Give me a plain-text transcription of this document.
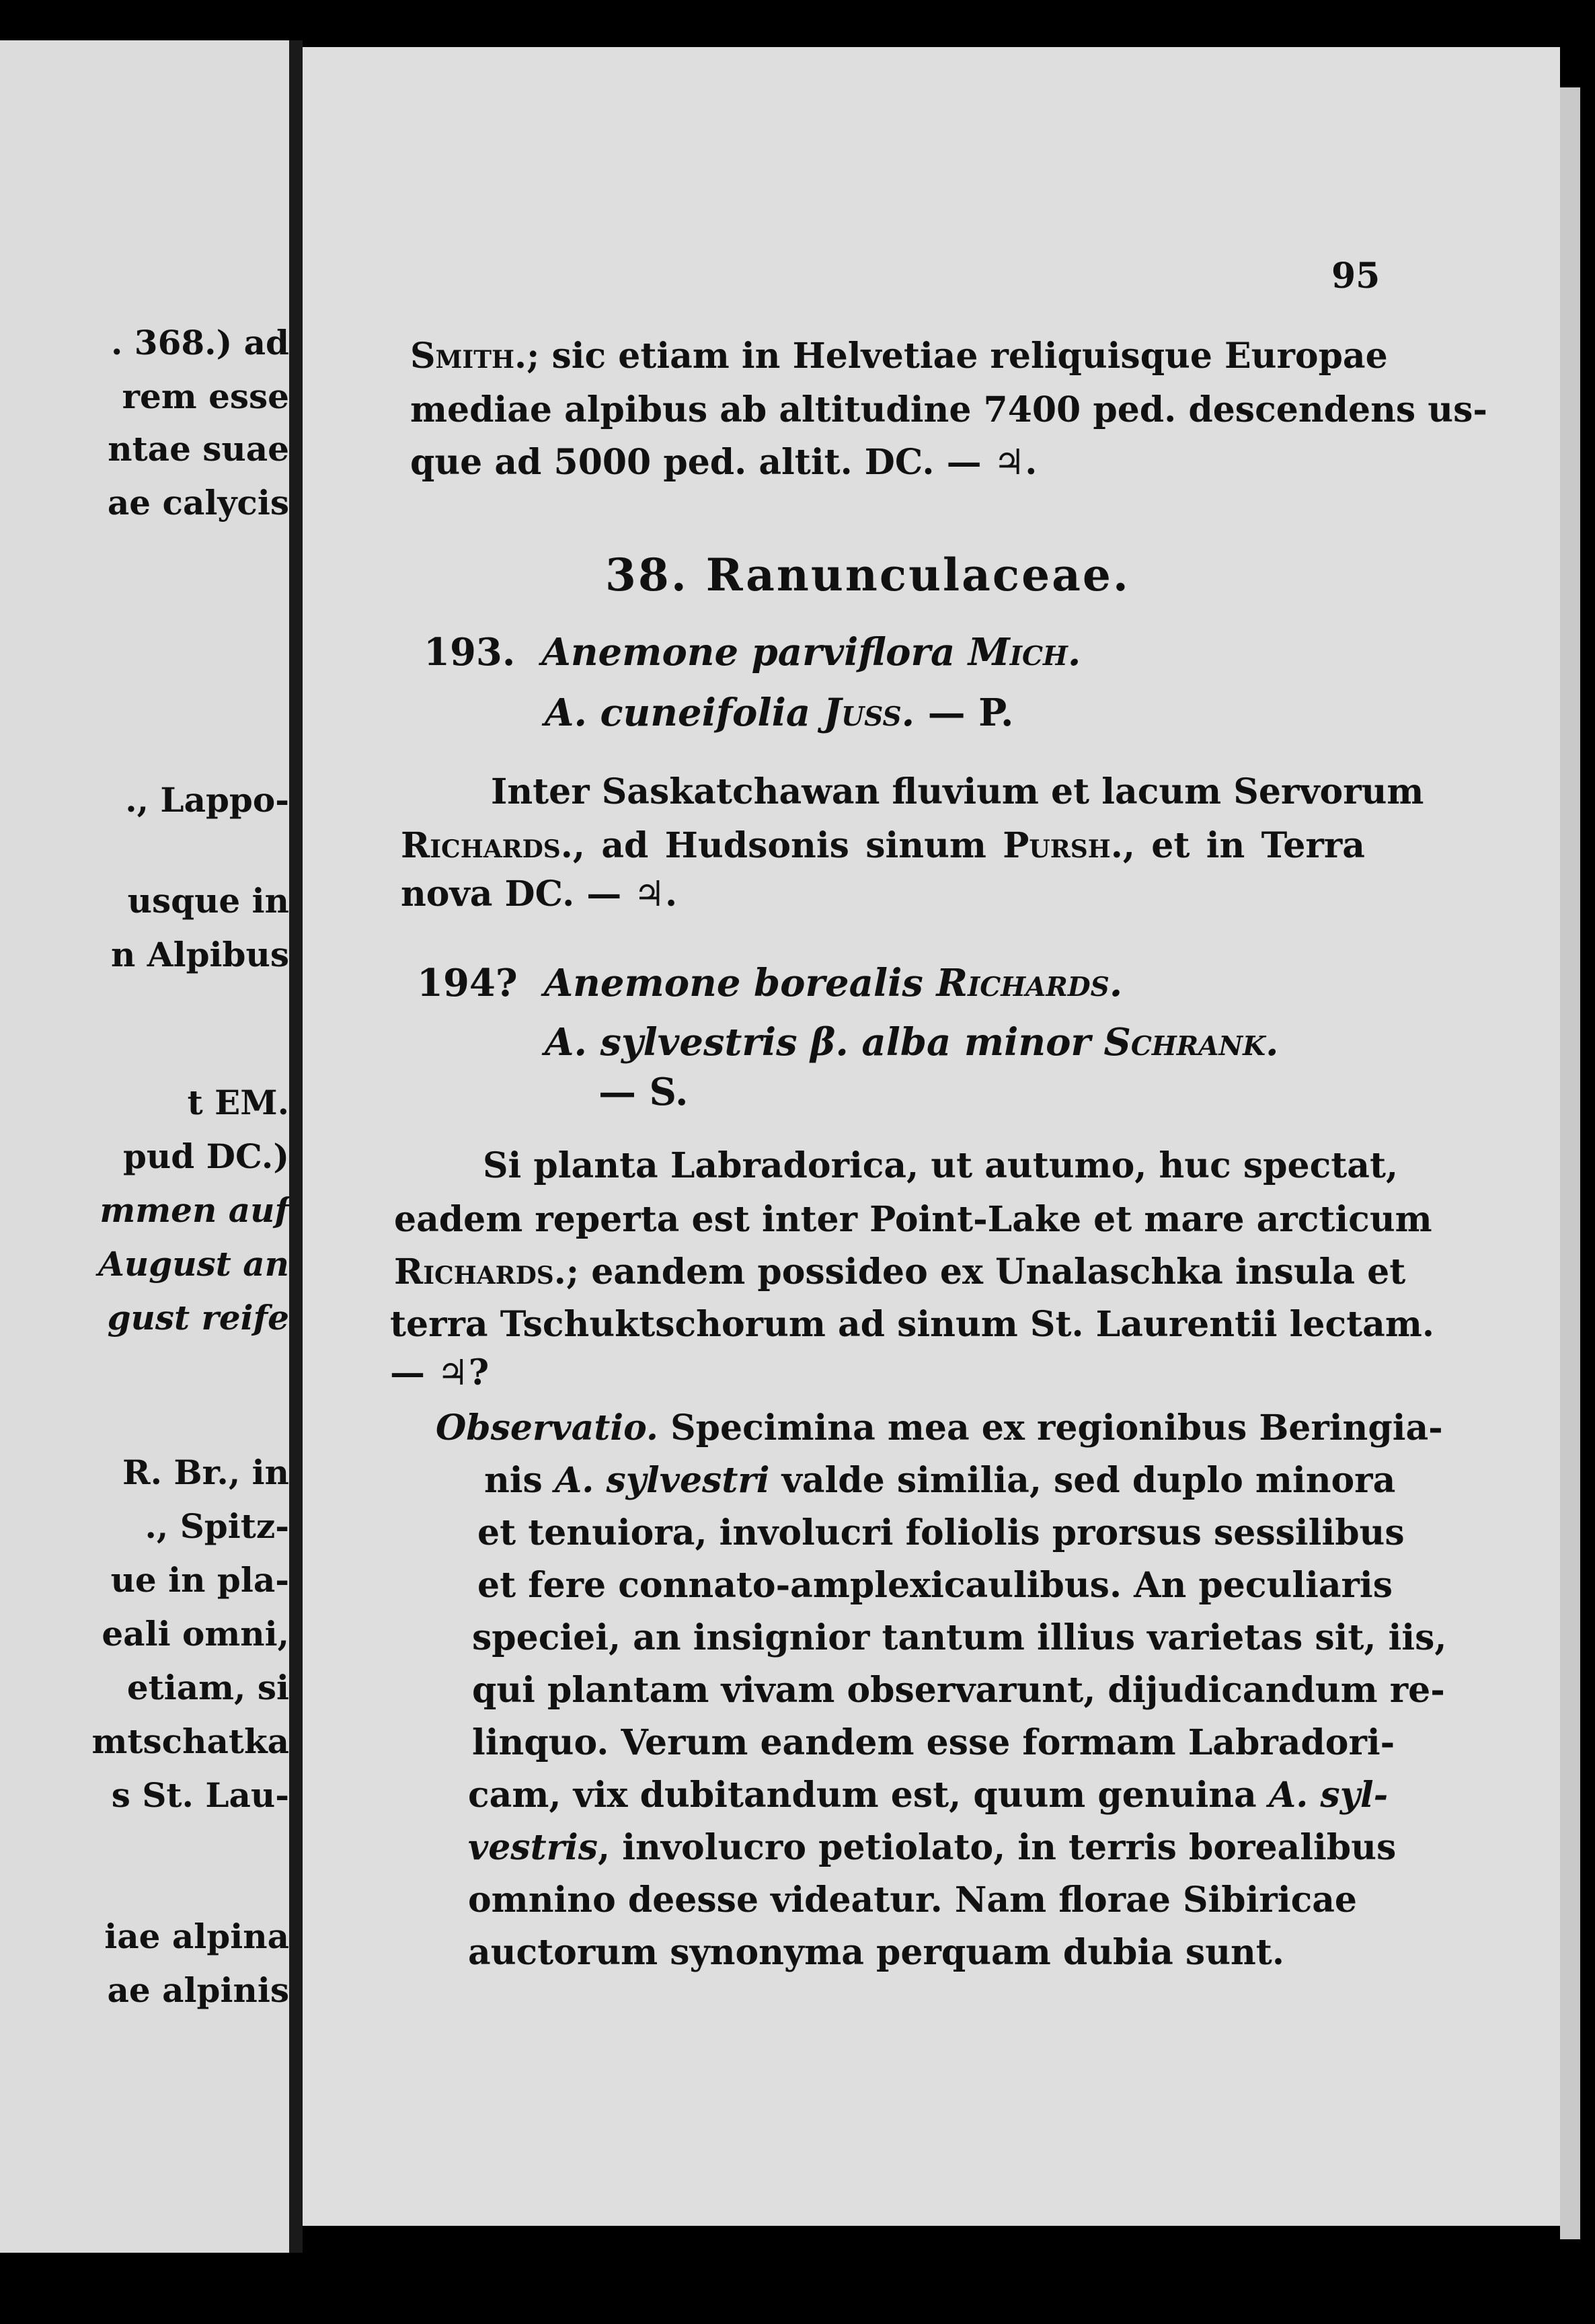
. 368.) ad
rem esse
ntae suae
ae calycis
., Lappo-
usque in
n Alpibus
t EM.
pud DC.)
mmen auf
August an
gust reife
R. Br., in
., Spitz-
ue in pla-
eali omni,
etiam, si
mtschatka
s St. Lau-
iae alpina
ae alpinis
95
Smith.; sic etiam in Helvetiae reliquisque Europae
mediae alpibus ab altitudine 7400 ped. descendens us-
que ad 5000 ped. altit. DC. — ♃.
38. Ranunculaceae.
193. Anemone parviflora Mich.
A. cuneifolia Juss. — P.
Inter Saskatchawan fluvium et lacum Servorum
Richards., ad Hudsonis sinum Pursh., et in Terra
nova DC. — ♃.
194? Anemone borealis Richards.
A. sylvestris β. alba minor Schrank.
— S.
Si planta Labradorica, ut autumo, huc spectat,
eadem reperta est inter Point-Lake et mare arcticum
Richards.; eandem possideo ex Unalaschka insula et
terra Tschuktschorum ad sinum St. Laurentii lectam.
— ♃?
Observatio. Specimina mea ex regionibus Beringia-
nis A. sylvestri valde similia, sed duplo minora
et tenuiora, involucri foliolis prorsus sessilibus
et fere connato-amplexicaulibus. An peculiaris
speciei, an insignior tantum illius varietas sit, iis,
qui plantam vivam observarunt, dijudicandum re-
linquo. Verum eandem esse formam Labradori-
cam, vix dubitandum est, quum genuina A. syl-
vestris, involucro petiolato, in terris borealibus
omnino deesse videatur. Nam florae Sibiricae
auctorum synonyma perquam dubia sunt.
